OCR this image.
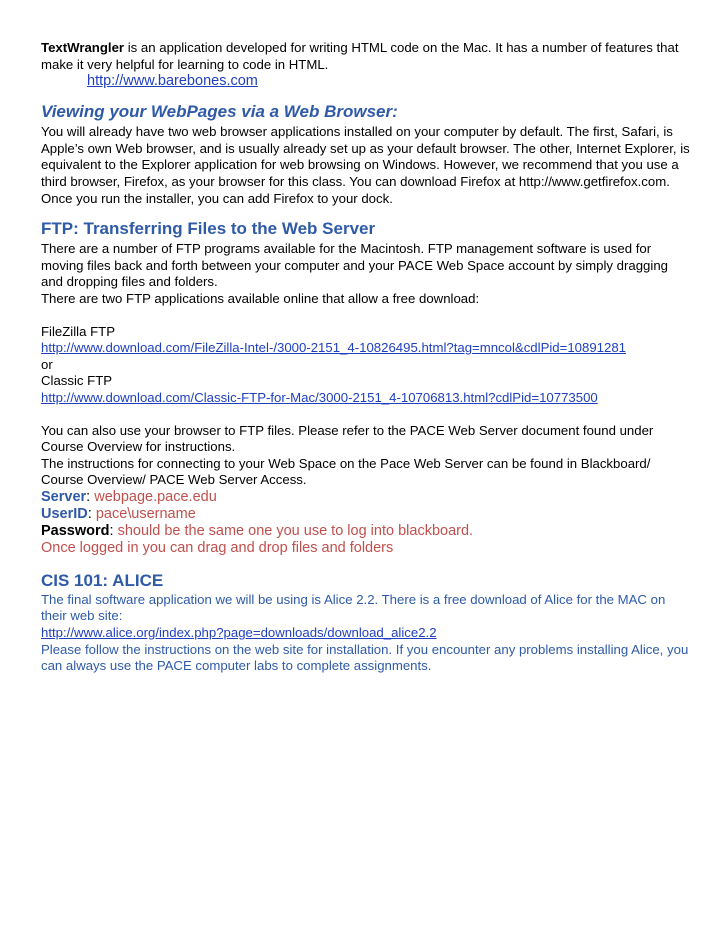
TextWrangler is an application developed for writing HTML code on the Mac. It has a number of features that make it very helpful for learning to code in HTML.

http://www.barebones.com

Viewing your WebPages via a Web Browser:

You will already have two web browser applications installed on your computer by default. The first, Safari, is Apple’s own Web browser, and is usually already set up as your default browser. The other, Internet Explorer, is equivalent to the Explorer application for web browsing on Windows. However, we recommend that you use a third browser, Firefox, as your browser for this class. You can download Firefox at http://www.getfirefox.com. Once you run the installer, you can add Firefox to your dock.

FTP: Transferring Files to the Web Server

There are a number of FTP programs available for the Macintosh. FTP management software is used for moving files back and forth between your computer and your PACE Web Space account by simply dragging and dropping files and folders.

There are two FTP applications available online that allow a free download:

FileZilla FTP

http://www.download.com/FileZilla-Intel-/3000-2151_4-10826495.html?tag=mncol&cdlPid=10891281

or

Classic FTP

http://www.download.com/Classic-FTP-for-Mac/3000-2151_4-10706813.html?cdlPid=10773500

You can also use your browser to FTP files. Please refer to the PACE Web Server document found under Course Overview for instructions.

The instructions for connecting to your Web Space on the Pace Web Server can be found in Blackboard/ Course Overview/ PACE Web Server Access.

Server: webpage.pace.edu

UserID: pace\username

Password: should be the same one you use to log into blackboard.

Once logged in you can drag and drop files and folders

CIS 101: ALICE

The final software application we will be using is Alice 2.2. There is a free download of Alice for the MAC on their web site:

http://www.alice.org/index.php?page=downloads/download_alice2.2

Please follow the instructions on the web site for installation. If you encounter any problems installing Alice, you can always use the PACE computer labs to complete assignments.
